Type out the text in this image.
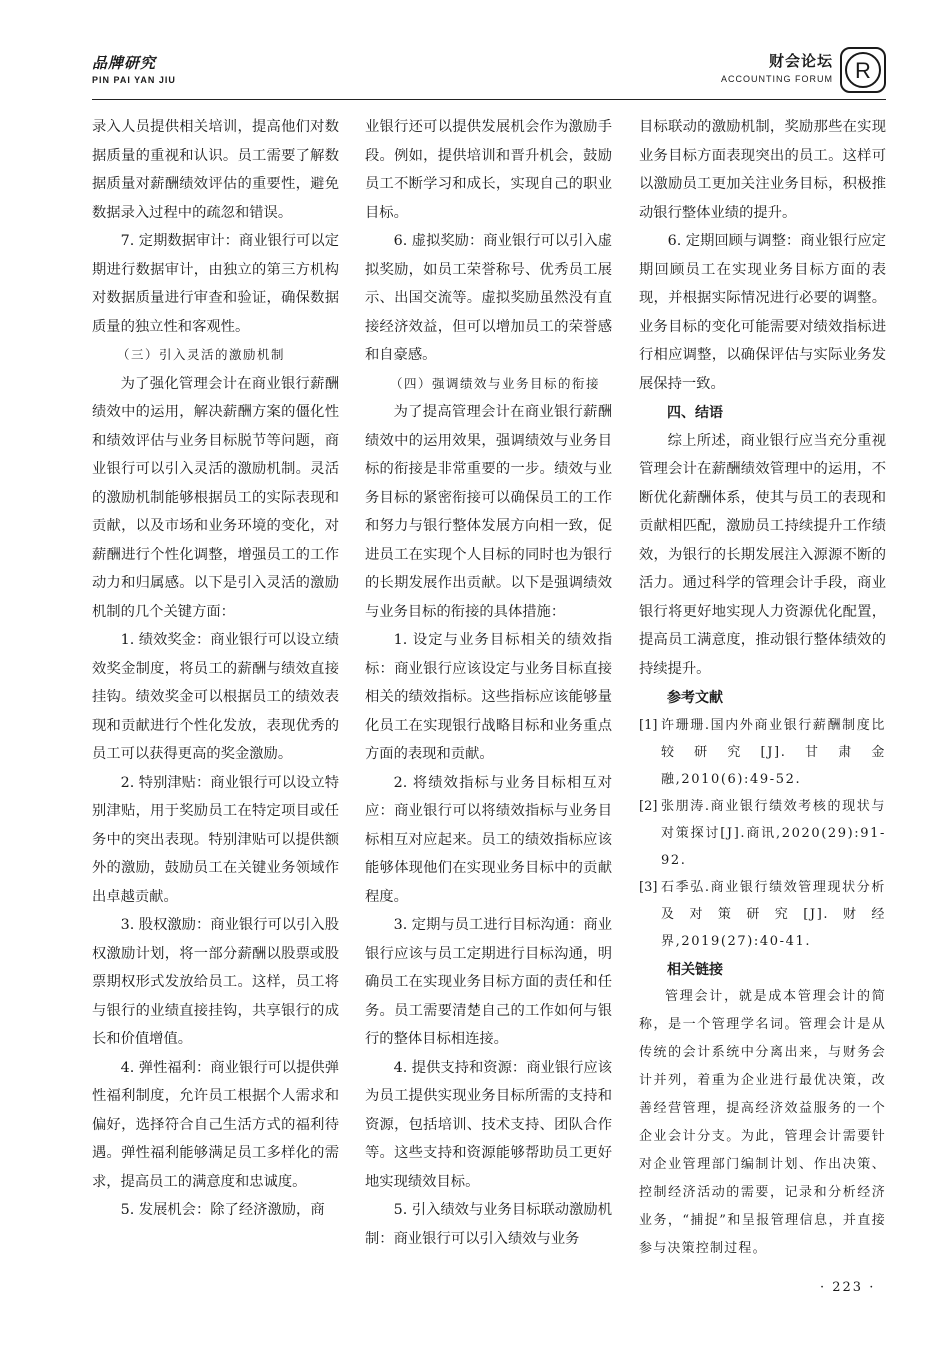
品牌研究
PIN PAI YAN JIU
财会论坛
ACCOUNTING FORUM R

录入人员提供相关培训，提高他们对数据质量的重视和认识。员工需要了解数据质量对薪酬绩效评估的重要性，避免数据录入过程中的疏忽和错误。

7. 定期数据审计：商业银行可以定期进行数据审计，由独立的第三方机构对数据质量进行审查和验证，确保数据质量的独立性和客观性。

（三）引入灵活的激励机制

为了强化管理会计在商业银行薪酬绩效中的运用，解决薪酬方案的僵化性和绩效评估与业务目标脱节等问题，商业银行可以引入灵活的激励机制。灵活的激励机制能够根据员工的实际表现和贡献，以及市场和业务环境的变化，对薪酬进行个性化调整，增强员工的工作动力和归属感。以下是引入灵活的激励机制的几个关键方面：

1. 绩效奖金：商业银行可以设立绩效奖金制度，将员工的薪酬与绩效直接挂钩。绩效奖金可以根据员工的绩效表现和贡献进行个性化发放，表现优秀的员工可以获得更高的奖金激励。

2. 特别津贴：商业银行可以设立特别津贴，用于奖励员工在特定项目或任务中的突出表现。特别津贴可以提供额外的激励，鼓励员工在关键业务领域作出卓越贡献。

3. 股权激励：商业银行可以引入股权激励计划，将一部分薪酬以股票或股票期权形式发放给员工。这样，员工将与银行的业绩直接挂钩，共享银行的成长和价值增值。

4. 弹性福利：商业银行可以提供弹性福利制度，允许员工根据个人需求和偏好，选择符合自己生活方式的福利待遇。弹性福利能够满足员工多样化的需求，提高员工的满意度和忠诚度。

5. 发展机会：除了经济激励，商

业银行还可以提供发展机会作为激励手段。例如，提供培训和晋升机会，鼓励员工不断学习和成长，实现自己的职业目标。

6. 虚拟奖励：商业银行可以引入虚拟奖励，如员工荣誉称号、优秀员工展示、出国交流等。虚拟奖励虽然没有直接经济效益，但可以增加员工的荣誉感和自豪感。

（四）强调绩效与业务目标的衔接

为了提高管理会计在商业银行薪酬绩效中的运用效果，强调绩效与业务目标的衔接是非常重要的一步。绩效与业务目标的紧密衔接可以确保员工的工作和努力与银行整体发展方向相一致，促进员工在实现个人目标的同时也为银行的长期发展作出贡献。以下是强调绩效与业务目标的衔接的具体措施：

1. 设定与业务目标相关的绩效指标：商业银行应该设定与业务目标直接相关的绩效指标。这些指标应该能够量化员工在实现银行战略目标和业务重点方面的表现和贡献。

2. 将绩效指标与业务目标相互对应：商业银行可以将绩效指标与业务目标相互对应起来。员工的绩效指标应该能够体现他们在实现业务目标中的贡献程度。

3. 定期与员工进行目标沟通：商业银行应该与员工定期进行目标沟通，明确员工在实现业务目标方面的责任和任务。员工需要清楚自己的工作如何与银行的整体目标相连接。

4. 提供支持和资源：商业银行应该为员工提供实现业务目标所需的支持和资源，包括培训、技术支持、团队合作等。这些支持和资源能够帮助员工更好地实现绩效目标。

5. 引入绩效与业务目标联动激励机制：商业银行可以引入绩效与业务

目标联动的激励机制，奖励那些在实现业务目标方面表现突出的员工。这样可以激励员工更加关注业务目标，积极推动银行整体业绩的提升。

6. 定期回顾与调整：商业银行应定期回顾员工在实现业务目标方面的表现，并根据实际情况进行必要的调整。业务目标的变化可能需要对绩效指标进行相应调整，以确保评估与实际业务发展保持一致。

四、结语

综上所述，商业银行应当充分重视管理会计在薪酬绩效管理中的运用，不断优化薪酬体系，使其与员工的表现和贡献相匹配，激励员工持续提升工作绩效，为银行的长期发展注入源源不断的活力。通过科学的管理会计手段，商业银行将更好地实现人力资源优化配置，提高员工满意度，推动银行整体绩效的持续提升。

参考文献

[1] 许珊珊.国内外商业银行薪酬制度比较研究[J].甘肃金融,2010(6):49-52.
[2] 张朋涛.商业银行绩效考核的现状与对策探讨[J].商讯,2020(29):91-92.
[3] 石季弘.商业银行绩效管理现状分析及对策研究[J].财经界,2019(27):40-41.

相关链接

管理会计，就是成本管理会计的简称，是一个管理学名词。管理会计是从传统的会计系统中分离出来，与财务会计并列，着重为企业进行最优决策，改善经营管理，提高经济效益服务的一个企业会计分支。为此，管理会计需要针对企业管理部门编制计划、作出决策、控制经济活动的需要，记录和分析经济业务，“捕捉”和呈报管理信息，并直接参与决策控制过程。

· 223 ·
